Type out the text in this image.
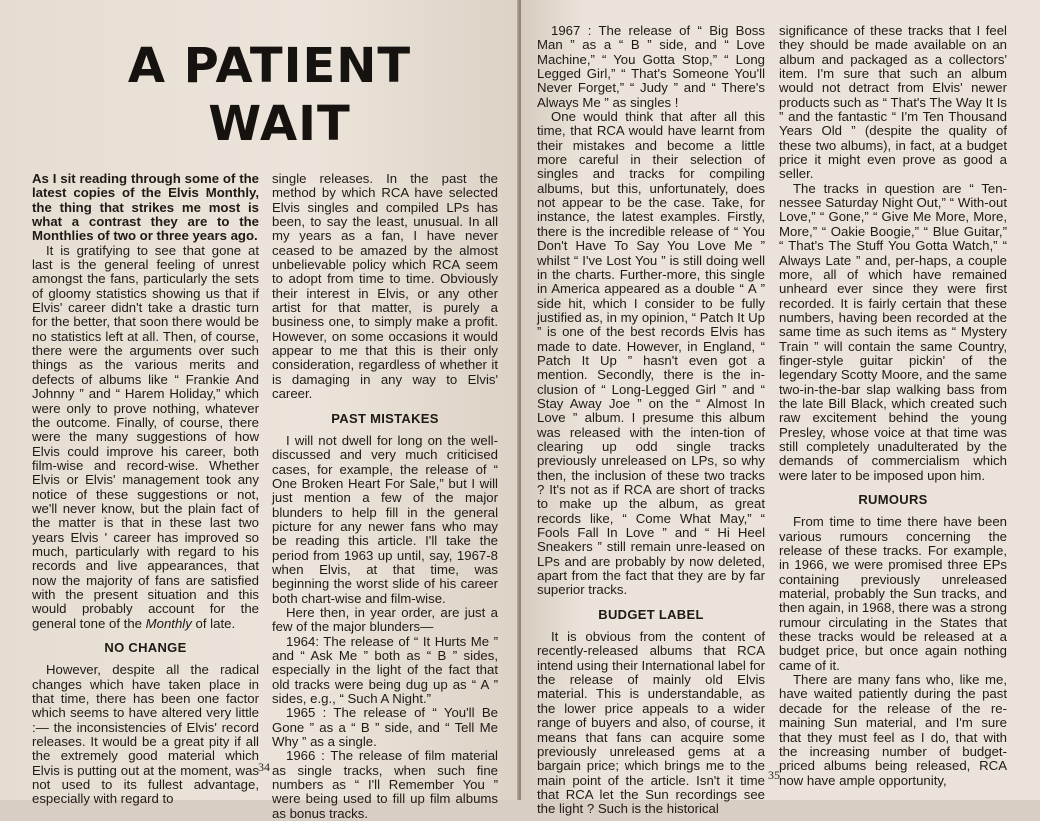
A PATIENT
WAIT

As I sit reading through some of the latest copies of the Elvis Monthly, the thing that strikes me most is what a contrast they are to the Monthlies of two or three years ago.

It is gratifying to see that gone at last is the general feeling of unrest amongst the fans, particularly the sets of gloomy statistics showing us that if Elvis' career didn't take a drastic turn for the better, that soon there would be no statistics left at all. Then, of course, there were the arguments over such things as the various merits and defects of albums like “ Frankie And Johnny ” and “ Harem Holiday,” which were only to prove nothing, whatever the outcome. Finally, of course, there were the many suggestions of how Elvis could improve his career, both film-wise and record-wise. Whether Elvis or Elvis' management took any notice of these suggestions or not, we'll never know, but the plain fact of the matter is that in these last two years Elvis ' career has improved so much, particularly with regard to his records and live appearances, that now the majority of fans are satisfied with the present situation and this would probably account for the general tone of the Monthly of late.

NO CHANGE

However, despite all the radical changes which have taken place in that time, there has been one factor which seems to have altered very little :— the inconsistencies of Elvis' record releases. It would be a great pity if all the extremely good material which Elvis is putting out at the moment, was not used to its fullest advantage, especially with regard to

single releases. In the past the method by which RCA have selected Elvis singles and compiled LPs has been, to say the least, unusual. In all my years as a fan, I have never ceased to be amazed by the almost unbelievable policy which RCA seem to adopt from time to time. Obviously their interest in Elvis, or any other artist for that matter, is purely a business one, to simply make a profit. However, on some occasions it would appear to me that this is their only consideration, regardless of whether it is damaging in any way to Elvis' career.

PAST MISTAKES

I will not dwell for long on the well-discussed and very much criticised cases, for example, the release of “ One Broken Heart For Sale,” but I will just mention a few of the major blunders to help fill in the general picture for any newer fans who may be reading this article. I'll take the period from 1963 up until, say, 1967-8 when Elvis, at that time, was beginning the worst slide of his career both chart-wise and film-wise.

Here then, in year order, are just a few of the major blunders—

1964: The release of “ It Hurts Me ” and “ Ask Me ” both as “ B ” sides, especially in the light of the fact that old tracks were being dug up as “ A ” sides, e.g., “ Such A Night.”

1965 : The release of “ You'll Be Gone ” as a “ B ” side, and “ Tell Me Why ” as a single.

1966 : The release of film material as single tracks, when such fine numbers as “ I'll Remember You ” were being used to fill up film albums as bonus tracks.

34

1967 : The release of “ Big Boss Man ” as a “ B ” side, and “ Love Machine,” “ You Gotta Stop,” “ Long Legged Girl,” “ That's Someone You'll Never Forget,” “ Judy ” and “ There's Always Me ” as singles !

One would think that after all this time, that RCA would have learnt from their mistakes and become a little more careful in their selection of singles and tracks for compiling albums, but this, unfortunately, does not appear to be the case. Take, for instance, the latest examples. Firstly, there is the incredible release of “ You Don't Have To Say You Love Me ” whilst “ I've Lost You ” is still doing well in the charts. Further-more, this single in America appeared as a double “ A ” side hit, which I consider to be fully justified as, in my opinion, “ Patch It Up ” is one of the best records Elvis has made to date. However, in England, “ Patch It Up ” hasn't even got a mention. Secondly, there is the in-clusion of “ Long-Legged Girl ” and “ Stay Away Joe ” on the “ Almost In Love ” album. I presume this album was released with the inten-tion of clearing up odd single tracks previously unreleased on LPs, so why then, the inclusion of these two tracks ? It's not as if RCA are short of tracks to make up the album, as great records like, “ Come What May,” “ Fools Fall In Love ” and “ Hi Heel Sneakers ” still remain unre-leased on LPs and are probably by now deleted, apart from the fact that they are by far superior tracks.

BUDGET LABEL

It is obvious from the content of recently-released albums that RCA intend using their International label for the release of mainly old Elvis material. This is understandable, as the lower price appeals to a wider range of buyers and also, of course, it means that fans can acquire some previously unreleased gems at a bargain price; which brings me to the main point of the article. Isn't it time that RCA let the Sun recordings see the light ? Such is the historical

significance of these tracks that I feel they should be made available on an album and packaged as a collectors' item. I'm sure that such an album would not detract from Elvis' newer products such as “ That's The Way It Is ” and the fantastic “ I'm Ten Thousand Years Old ” (despite the quality of these two albums), in fact, at a budget price it might even prove as good a seller.

The tracks in question are “ Ten-nessee Saturday Night Out,” “ With-out Love,” “ Gone,” “ Give Me More, More, More,” “ Oakie Boogie,” “ Blue Guitar,” “ That's The Stuff You Gotta Watch,” “ Always Late ” and, per-haps, a couple more, all of which have remained unheard ever since they were first recorded. It is fairly certain that these numbers, having been recorded at the same time as such items as “ Mystery Train ” will contain the same Country, finger-style guitar pickin' of the legendary Scotty Moore, and the same two-in-the-bar slap walking bass from the late Bill Black, which created such raw excitement behind the young Presley, whose voice at that time was still completely unadulterated by the demands of commercialism which were later to be imposed upon him.

RUMOURS

From time to time there have been various rumours concerning the release of these tracks. For example, in 1966, we were promised three EPs containing previously unreleased material, probably the Sun tracks, and then again, in 1968, there was a strong rumour circulating in the States that these tracks would be released at a budget price, but once again nothing came of it.

There are many fans who, like me, have waited patiently during the past decade for the release of the re-maining Sun material, and I'm sure that they must feel as I do, that with the increasing number of budget-priced albums being released, RCA now have ample opportunity,

35
